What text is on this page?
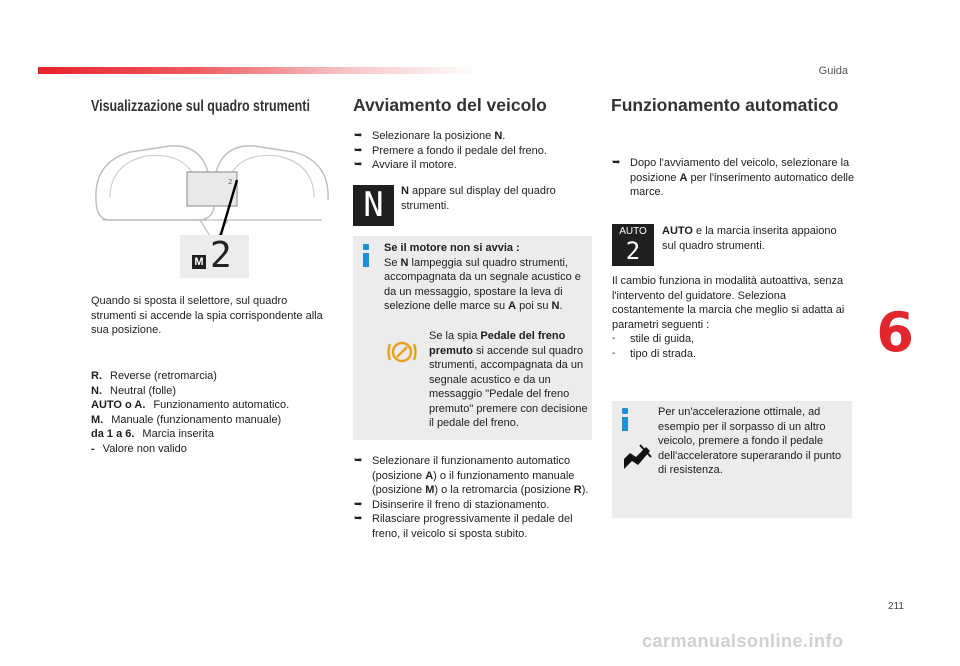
Guida
Visualizzazione sul quadro strumenti
2
M 2
Quando si sposta il selettore, sul quadro strumenti si accende la spia corrispondente alla sua posizione.
R. Reverse (retromarcia)
N. Neutral (folle)
AUTO o A. Funzionamento automatico.
M. Manuale (funzionamento manuale)
da 1 a 6. Marcia inserita
- Valore non valido
Avviamento del veicolo
➥ Selezionare la posizione N.
➥ Premere a fondo il pedale del freno.
➥ Avviare il motore.
N	N appare sul display del quadro strumenti.
Se il motore non si avvia :
Se N lampeggia sul quadro strumenti, accompagnata da un segnale acustico e da un messaggio, spostare la leva di selezione delle marce su A poi su N.
Se la spia Pedale del freno premuto si accende sul quadro strumenti, accompagnata da un segnale acustico e da un messaggio "Pedale del freno premuto" premere con decisione il pedale del freno.
➥ Selezionare il funzionamento automatico (posizione A) o il funzionamento manuale (posizione M) o la retromarcia (posizione R).
➥ Disinserire il freno di stazionamento.
➥ Rilasciare progressivamente il pedale del freno, il veicolo si sposta subito.
Funzionamento automatico
➥ Dopo l'avviamento del veicolo, selezionare la posizione A per l'inserimento automatico delle marce.
AUTO
2
AUTO e la marcia inserita appaiono sul quadro strumenti.
Il cambio funziona in modalità autoattiva, senza l'intervento del guidatore. Seleziona costantemente la marcia che meglio si adatta ai parametri seguenti :
-	stile di guida,
-	tipo di strada.
Per un'accelerazione ottimale, ad esempio per il sorpasso di un altro veicolo, premere a fondo il pedale dell'acceleratore superarando il punto di resistenza.
6
211
carmanualsonline.info
